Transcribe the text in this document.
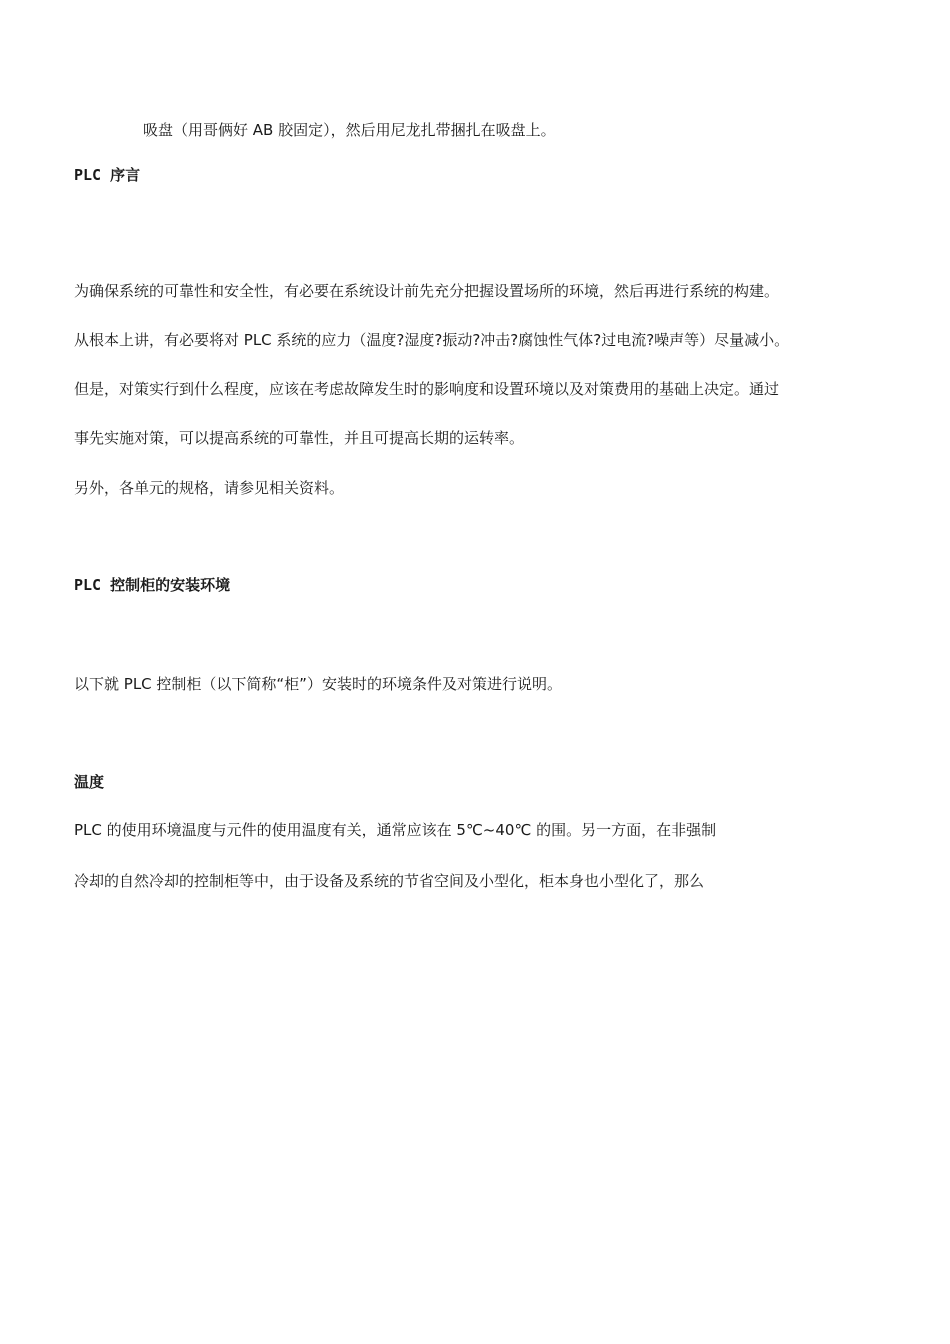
吸盘（用哥俩好 AB 胶固定），然后用尼龙扎带捆扎在吸盘上。
PLC 序言
为确保系统的可靠性和安全性，有必要在系统设计前先充分把握设置场所的环境，然后再进行系统的构建。
从根本上讲，有必要将对 PLC 系统的应力（温度?湿度?振动?冲击?腐蚀性气体?过电流?噪声等）尽量减小。
但是，对策实行到什么程度，应该在考虑故障发生时的影响度和设置环境以及对策费用的基础上决定。通过
事先实施对策，可以提高系统的可靠性，并且可提高长期的运转率。
另外，各单元的规格，请参见相关资料。
PLC 控制柜的安装环境
以下就 PLC 控制柜（以下简称“柜”）安装时的环境条件及对策进行说明。
温度
PLC 的使用环境温度与元件的使用温度有关，通常应该在 5℃~40℃ 的围。另一方面，在非强制
冷却的自然冷却的控制柜等中，由于设备及系统的节省空间及小型化，柜本身也小型化了，那么
